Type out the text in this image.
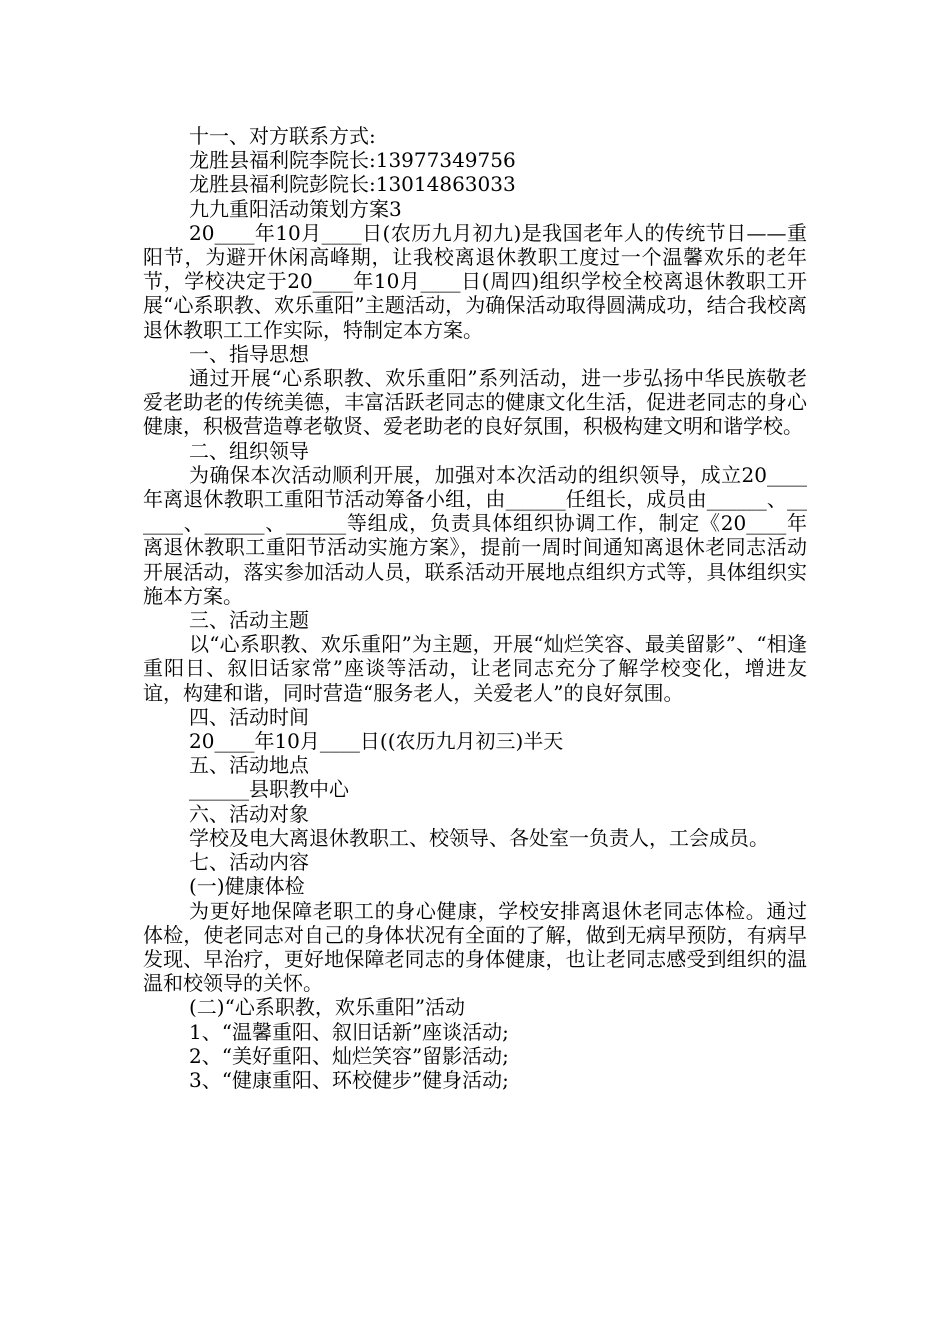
十一、对方联系方式:

龙胜县福利院李院长:13977349756

龙胜县福利院彭院长:13014863033

九九重阳活动策划方案3

20____年10月____日(农历九月初九)是我国老年人的传统节日——重阳节，为避开休闲高峰期，让我校离退休教职工度过一个温馨欢乐的老年节，学校决定于20____年10月____日(周四)组织学校全校离退休教职工开展“心系职教、欢乐重阳”主题活动，为确保活动取得圆满成功，结合我校离退休教职工工作实际，特制定本方案。

一、指导思想

通过开展“心系职教、欢乐重阳”系列活动，进一步弘扬中华民族敬老爱老助老的传统美德，丰富活跃老同志的健康文化生活，促进老同志的身心健康，积极营造尊老敬贤、爱老助老的良好氛围，积极构建文明和谐学校。

二、组织领导

为确保本次活动顺利开展，加强对本次活动的组织领导，成立20____年离退休教职工重阳节活动筹备小组，由______任组长，成员由______、______、______、______等组成，负责具体组织协调工作，制定《20____年离退休教职工重阳节活动实施方案》，提前一周时间通知离退休老同志活动开展活动，落实参加活动人员，联系活动开展地点组织方式等，具体组织实施本方案。

三、活动主题

以“心系职教、欢乐重阳”为主题，开展“灿烂笑容、最美留影”、“相逢重阳日、叙旧话家常”座谈等活动，让老同志充分了解学校变化，增进友谊，构建和谐，同时营造“服务老人，关爱老人”的良好氛围。

四、活动时间

20____年10月____日((农历九月初三)半天

五、活动地点

______县职教中心

六、活动对象

学校及电大离退休教职工、校领导、各处室一负责人，工会成员。

七、活动内容

(一)健康体检

为更好地保障老职工的身心健康，学校安排离退休老同志体检。通过体检，使老同志对自己的身体状况有全面的了解，做到无病早预防，有病早发现、早治疗，更好地保障老同志的身体健康，也让老同志感受到组织的温温和校领导的关怀。

(二)“心系职教，欢乐重阳”活动

1、“温馨重阳、叙旧话新”座谈活动;

2、“美好重阳、灿烂笑容”留影活动;

3、“健康重阳、环校健步”健身活动;
